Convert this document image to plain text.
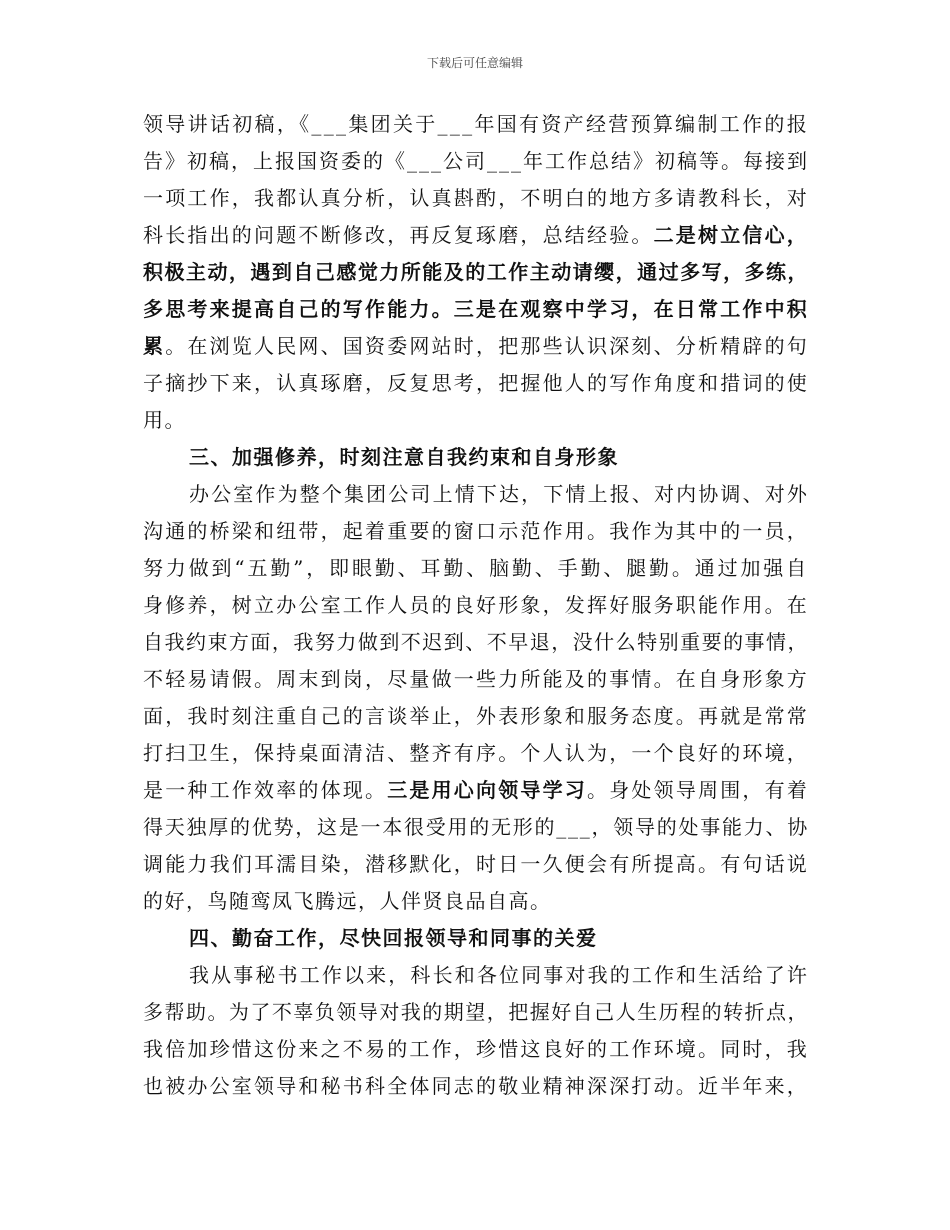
下载后可任意编辑
领导讲话初稿，《___集团关于___年国有资产经营预算编制工作的报
告》初稿，上报国资委的《___公司___年工作总结》初稿等。每接到
一项工作，我都认真分析，认真斟酌，不明白的地方多请教科长，对
科长指出的问题不断修改，再反复琢磨，总结经验。二是树立信心，
积极主动，遇到自己感觉力所能及的工作主动请缨，通过多写，多练，
多思考来提高自己的写作能力。三是在观察中学习，在日常工作中积
累。在浏览人民网、国资委网站时，把那些认识深刻、分析精辟的句
子摘抄下来，认真琢磨，反复思考，把握他人的写作角度和措词的使
用。
三、加强修养，时刻注意自我约束和自身形象
办公室作为整个集团公司上情下达，下情上报、对内协调、对外
沟通的桥梁和纽带，起着重要的窗口示范作用。我作为其中的一员，
努力做到“五勤”，即眼勤、耳勤、脑勤、手勤、腿勤。通过加强自
身修养，树立办公室工作人员的良好形象，发挥好服务职能作用。在
自我约束方面，我努力做到不迟到、不早退，没什么特别重要的事情，
不轻易请假。周末到岗，尽量做一些力所能及的事情。在自身形象方
面，我时刻注重自己的言谈举止，外表形象和服务态度。再就是常常
打扫卫生，保持桌面清洁、整齐有序。个人认为，一个良好的环境，
是一种工作效率的体现。三是用心向领导学习。身处领导周围，有着
得天独厚的优势，这是一本很受用的无形的___，领导的处事能力、协
调能力我们耳濡目染，潜移默化，时日一久便会有所提高。有句话说
的好，鸟随鸾凤飞腾远，人伴贤良品自高。
四、勤奋工作，尽快回报领导和同事的关爱
我从事秘书工作以来，科长和各位同事对我的工作和生活给了许
多帮助。为了不辜负领导对我的期望，把握好自己人生历程的转折点，
我倍加珍惜这份来之不易的工作，珍惜这良好的工作环境。同时，我
也被办公室领导和秘书科全体同志的敬业精神深深打动。近半年来，
